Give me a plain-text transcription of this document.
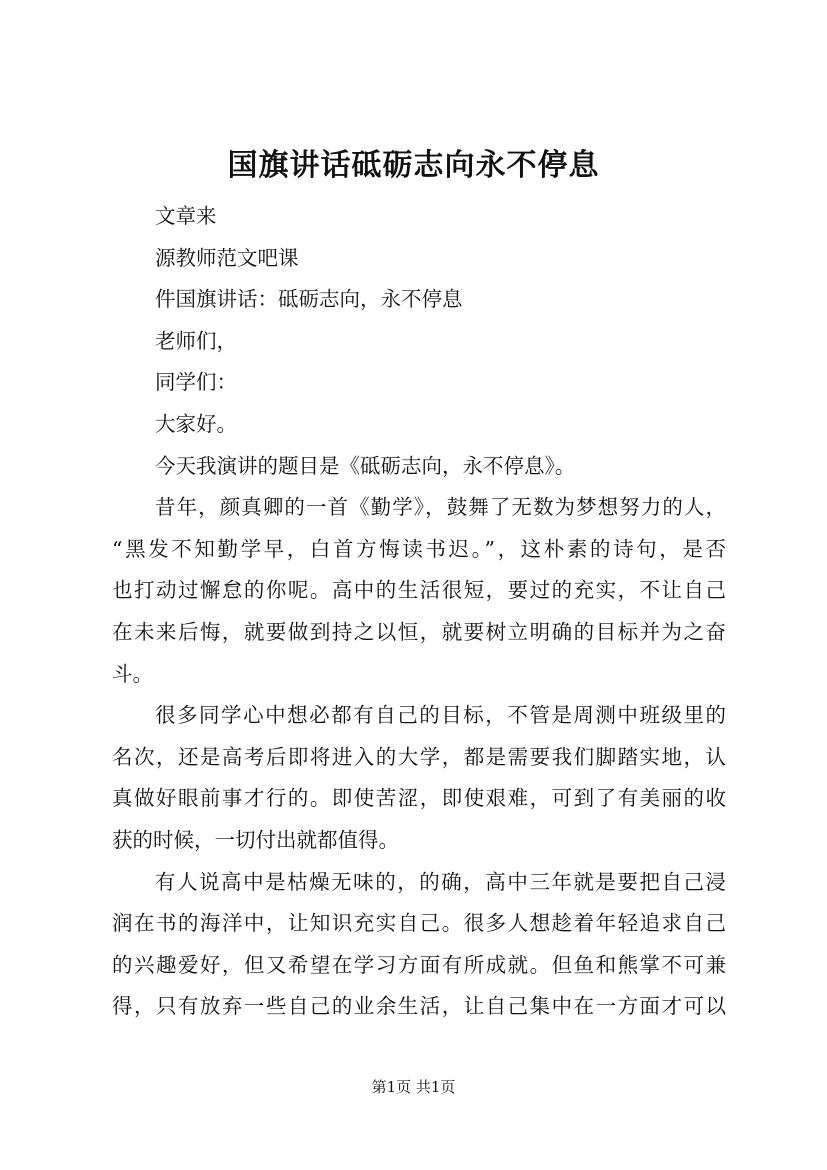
国旗讲话砥砺志向永不停息
文章来
源教师范文吧课
件国旗讲话：砥砺志向，永不停息
老师们，
同学们：
大家好。
今天我演讲的题目是《砥砺志向，永不停息》。
昔年，颜真卿的一首《勤学》，鼓舞了无数为梦想努力的人，
“黑发不知勤学早，白首方悔读书迟。”，这朴素的诗句，是否
也打动过懈怠的你呢。高中的生活很短，要过的充实，不让自己
在未来后悔，就要做到持之以恒，就要树立明确的目标并为之奋
斗。
很多同学心中想必都有自己的目标，不管是周测中班级里的
名次，还是高考后即将进入的大学，都是需要我们脚踏实地，认
真做好眼前事才行的。即使苦涩，即使艰难，可到了有美丽的收
获的时候，一切付出就都值得。
有人说高中是枯燥无味的，的确，高中三年就是要把自己浸
润在书的海洋中，让知识充实自己。很多人想趁着年轻追求自己
的兴趣爱好，但又希望在学习方面有所成就。但鱼和熊掌不可兼
得，只有放弃一些自己的业余生活，让自己集中在一方面才可以
第1页 共1页
